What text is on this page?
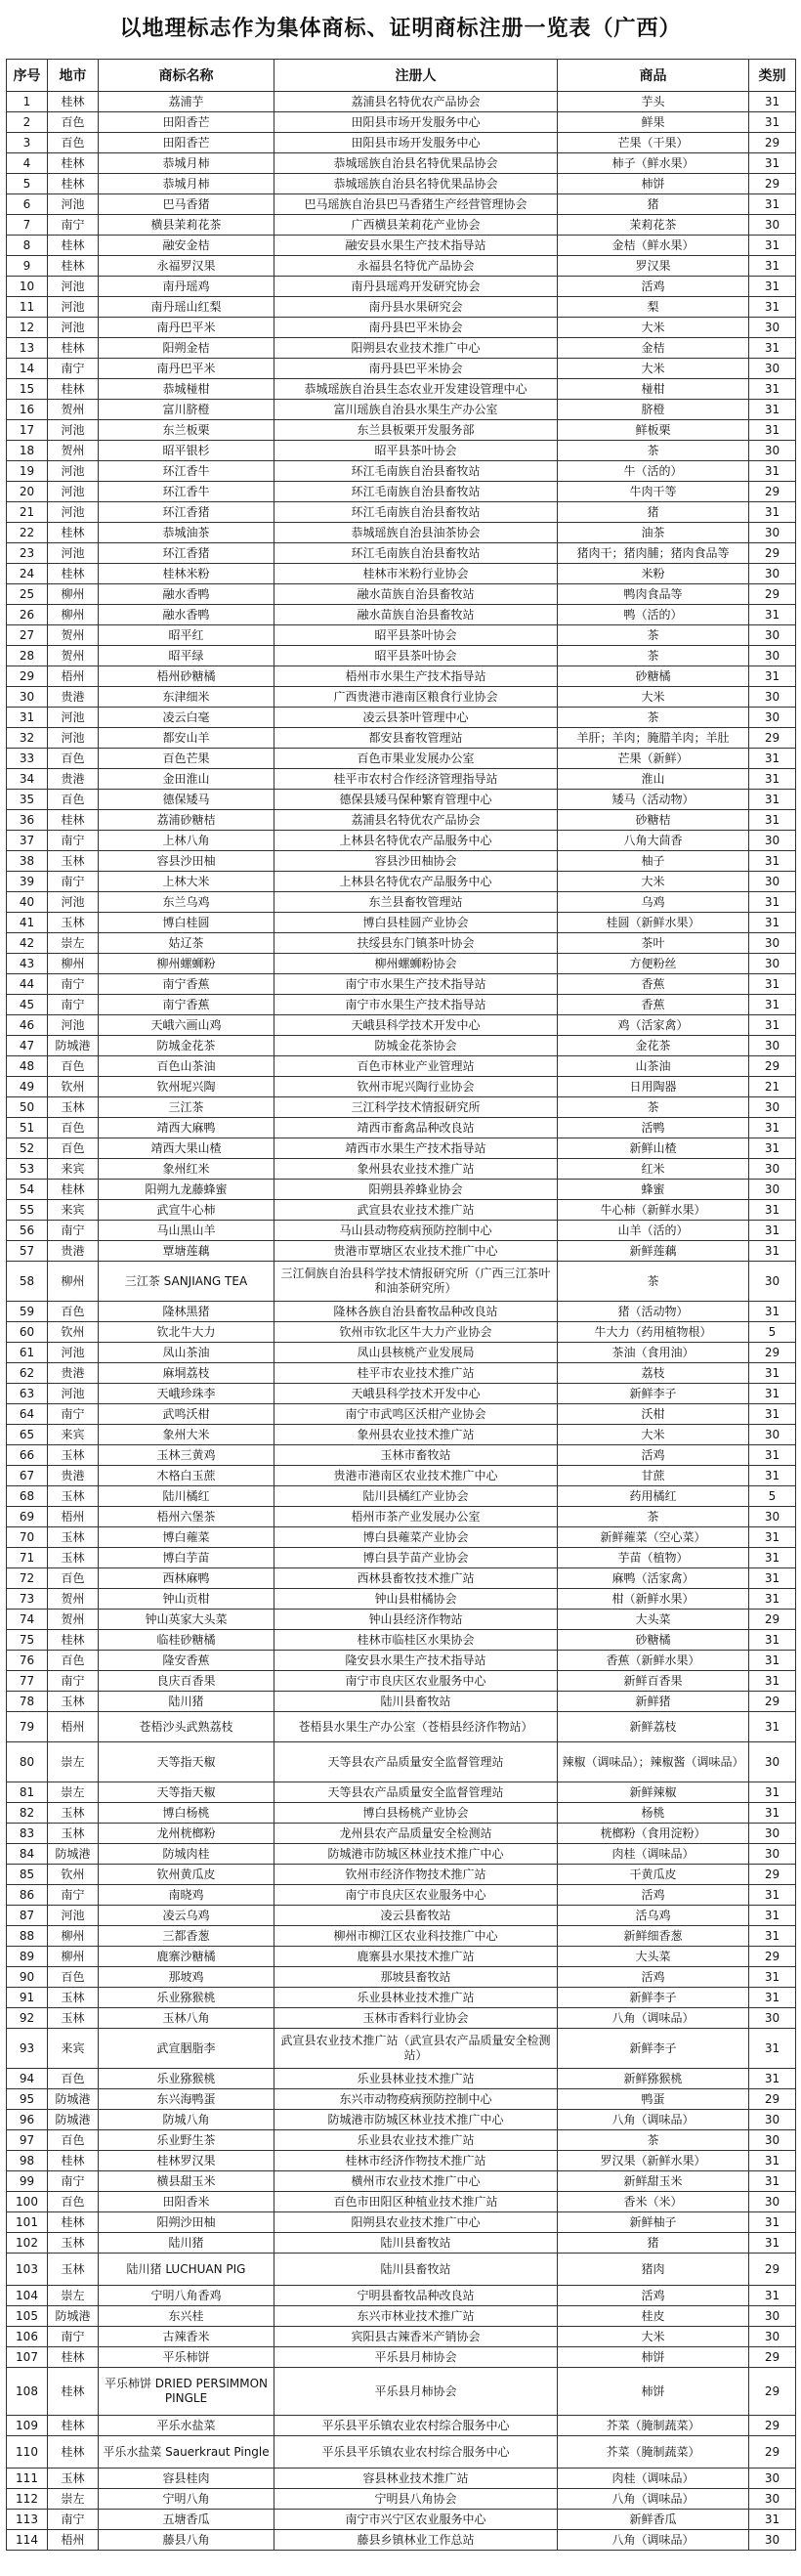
以地理标志作为集体商标、证明商标注册一览表（广西）
序号	地市	商标名称	注册人	商品	类别
1	桂林	荔浦芋	荔浦县名特优农产品协会	芋头	31
2	百色	田阳香芒	田阳县市场开发服务中心	鲜果	31
3	百色	田阳香芒	田阳县市场开发服务中心	芒果（干果）	29
4	桂林	恭城月柿	恭城瑶族自治县名特优果品协会	柿子（鲜水果）	31
5	桂林	恭城月柿	恭城瑶族自治县名特优果品协会	柿饼	29
6	河池	巴马香猪	巴马瑶族自治县巴马香猪生产经营管理协会	猪	31
7	南宁	横县茉莉花茶	广西横县茉莉花产业协会	茉莉花茶	30
8	桂林	融安金桔	融安县水果生产技术指导站	金桔（鲜水果）	31
9	桂林	永福罗汉果	永福县名特优产品协会	罗汉果	31
10	河池	南丹瑶鸡	南丹县瑶鸡开发研究协会	活鸡	31
11	河池	南丹瑶山红梨	南丹县水果研究会	梨	31
12	河池	南丹巴平米	南丹县巴平米协会	大米	30
13	桂林	阳朔金桔	阳朔县农业技术推广中心	金桔	31
14	南宁	南丹巴平米	南丹县巴平米协会	大米	30
15	桂林	恭城椪柑	恭城瑶族自治县生态农业开发建设管理中心	椪柑	31
16	贺州	富川脐橙	富川瑶族自治县水果生产办公室	脐橙	31
17	河池	东兰板栗	东兰县板栗开发服务部	鲜板栗	31
18	贺州	昭平银杉	昭平县茶叶协会	茶	30
19	河池	环江香牛	环江毛南族自治县畜牧站	牛（活的）	31
20	河池	环江香牛	环江毛南族自治县畜牧站	牛肉干等	29
21	河池	环江香猪	环江毛南族自治县畜牧站	猪	31
22	桂林	恭城油茶	恭城瑶族自治县油茶协会	油茶	30
23	河池	环江香猪	环江毛南族自治县畜牧站	猪肉干；猪肉脯；猪肉食品等	29
24	桂林	桂林米粉	桂林市米粉行业协会	米粉	30
25	柳州	融水香鸭	融水苗族自治县畜牧站	鸭肉食品等	29
26	柳州	融水香鸭	融水苗族自治县畜牧站	鸭（活的）	31
27	贺州	昭平红	昭平县茶叶协会	茶	30
28	贺州	昭平绿	昭平县茶叶协会	茶	30
29	梧州	梧州砂糖橘	梧州市水果生产技术指导站	砂糖橘	31
30	贵港	东津细米	广西贵港市港南区粮食行业协会	大米	30
31	河池	凌云白毫	凌云县茶叶管理中心	茶	30
32	河池	都安山羊	都安县畜牧管理站	羊肝；羊肉；腌腊羊肉；羊肚	29
33	百色	百色芒果	百色市果业发展办公室	芒果（新鲜）	31
34	贵港	金田淮山	桂平市农村合作经济管理指导站	淮山	31
35	百色	德保矮马	德保县矮马保种繁育管理中心	矮马（活动物）	31
36	桂林	荔浦砂糖桔	荔浦县名特优农产品协会	砂糖桔	31
37	南宁	上林八角	上林县名特优农产品服务中心	八角大茴香	30
38	玉林	容县沙田柚	容县沙田柚协会	柚子	31
39	南宁	上林大米	上林县名特优农产品服务中心	大米	30
40	河池	东兰乌鸡	东兰县畜牧管理站	乌鸡	31
41	玉林	博白桂圆	博白县桂圆产业协会	桂圆（新鲜水果）	31
42	崇左	姑辽茶	扶绥县东门镇茶叶协会	茶叶	30
43	柳州	柳州螺蛳粉	柳州螺蛳粉协会	方便粉丝	30
44	南宁	南宁香蕉	南宁市水果生产技术指导站	香蕉	31
45	南宁	南宁香蕉	南宁市水果生产技术指导站	香蕉	31
46	河池	天峨六画山鸡	天峨县科学技术开发中心	鸡（活家禽）	31
47	防城港	防城金花茶	防城金花茶协会	金花茶	30
48	百色	百色山茶油	百色市林业产业管理站	山茶油	29
49	钦州	钦州坭兴陶	钦州市坭兴陶行业协会	日用陶器	21
50	玉林	三江茶	三江科学技术情报研究所	茶	30
51	百色	靖西大麻鸭	靖西市畜禽品种改良站	活鸭	31
52	百色	靖西大果山楂	靖西市水果生产技术指导站	新鲜山楂	31
53	来宾	象州红米	象州县农业技术推广站	红米	30
54	桂林	阳朔九龙藤蜂蜜	阳朔县养蜂业协会	蜂蜜	30
55	来宾	武宣牛心柿	武宣县农业技术推广站	牛心柿（新鲜水果）	31
56	南宁	马山黑山羊	马山县动物疫病预防控制中心	山羊（活的）	31
57	贵港	覃塘莲藕	贵港市覃塘区农业技术推广中心	新鲜莲藕	31
58	柳州	三江茶 SANJIANG TEA	三江侗族自治县科学技术情报研究所（广西三江茶叶和油茶研究所）	茶	30
59	百色	隆林黑猪	隆林各族自治县畜牧品种改良站	猪（活动物）	31
60	钦州	钦北牛大力	钦州市钦北区牛大力产业协会	牛大力（药用植物根）	5
61	河池	凤山茶油	凤山县核桃产业发展局	茶油（食用油）	29
62	贵港	麻垌荔枝	桂平市农业技术推广站	荔枝	31
63	河池	天峨珍珠李	天峨县科学技术开发中心	新鲜李子	31
64	南宁	武鸣沃柑	南宁市武鸣区沃柑产业协会	沃柑	31
65	来宾	象州大米	象州县农业技术推广站	大米	30
66	玉林	玉林三黄鸡	玉林市畜牧站	活鸡	31
67	贵港	木格白玉蔗	贵港市港南区农业技术推广中心	甘蔗	31
68	玉林	陆川橘红	陆川县橘红产业协会	药用橘红	5
69	梧州	梧州六堡茶	梧州市茶产业发展办公室	茶	30
70	玉林	博白蕹菜	博白县蕹菜产业协会	新鲜蕹菜（空心菜）	31
71	玉林	博白芋苗	博白县芋苗产业协会	芋苗（植物）	31
72	百色	西林麻鸭	西林县畜牧技术推广站	麻鸭（活家禽）	31
73	贺州	钟山贡柑	钟山县柑橘协会	柑（新鲜水果）	31
74	贺州	钟山英家大头菜	钟山县经济作物站	大头菜	29
75	桂林	临桂砂糖橘	桂林市临桂区水果协会	砂糖橘	31
76	百色	隆安香蕉	隆安县水果生产技术指导站	香蕉（新鲜水果）	31
77	南宁	良庆百香果	南宁市良庆区农业服务中心	新鲜百香果	31
78	玉林	陆川猪	陆川县畜牧站	新鲜猪	29
79	梧州	苍梧沙头武熟荔枝	苍梧县水果生产办公室（苍梧县经济作物站）	新鲜荔枝	31
80	崇左	天等指天椒	天等县农产品质量安全监督管理站	辣椒（调味品）；辣椒酱（调味品）	30
81	崇左	天等指天椒	天等县农产品质量安全监督管理站	新鲜辣椒	31
82	玉林	博白杨桃	博白县杨桃产业协会	杨桃	31
83	玉林	龙州桄榔粉	龙州县农产品质量安全检测站	桄榔粉（食用淀粉）	30
84	防城港	防城肉桂	防城港市防城区林业技术推广中心	肉桂（调味品）	30
85	钦州	钦州黄瓜皮	钦州市经济作物技术推广站	干黄瓜皮	29
86	南宁	南晓鸡	南宁市良庆区农业服务中心	活鸡	31
87	河池	凌云乌鸡	凌云县畜牧站	活乌鸡	31
88	柳州	三都香葱	柳州市柳江区农业科技推广中心	新鲜细香葱	31
89	柳州	鹿寨沙糖橘	鹿寨县水果技术推广站	大头菜	29
90	百色	那坡鸡	那坡县畜牧站	活鸡	31
91	玉林	乐业猕猴桃	乐业县林业技术推广站	新鲜李子	31
92	玉林	玉林八角	玉林市香料行业协会	八角（调味品）	30
93	来宾	武宣胭脂李	武宣县农业技术推广站（武宣县农产品质量安全检测站）	新鲜李子	31
94	百色	乐业猕猴桃	乐业县林业技术推广站	新鲜猕猴桃	31
95	防城港	东兴海鸭蛋	东兴市动物疫病预防控制中心	鸭蛋	29
96	防城港	防城八角	防城港市防城区林业技术推广中心	八角（调味品）	30
97	百色	乐业野生茶	乐业县农业技术推广站	茶	30
98	桂林	桂林罗汉果	桂林市经济作物技术推广站	罗汉果（新鲜水果）	31
99	南宁	横县甜玉米	横州市农业技术推广中心	新鲜甜玉米	31
100	百色	田阳香米	百色市田阳区种植业技术推广站	香米（米）	30
101	桂林	阳朔沙田柚	阳朔县农业技术推广中心	新鲜柚子	31
102	玉林	陆川猪	陆川县畜牧站	猪	31
103	玉林	陆川猪 LUCHUAN PIG	陆川县畜牧站	猪肉	29
104	崇左	宁明八角香鸡	宁明县畜牧品种改良站	活鸡	31
105	防城港	东兴桂	东兴市林业技术推广站	桂皮	30
106	南宁	古辣香米	宾阳县古辣香米产销协会	大米	30
107	桂林	平乐柿饼	平乐县月柿协会	柿饼	29
108	桂林	平乐柿饼 DRIED PERSIMMON PINGLE	平乐县月柿协会	柿饼	29
109	桂林	平乐水盐菜	平乐县平乐镇农业农村综合服务中心	芥菜（腌制蔬菜）	29
110	桂林	平乐水盐菜 Sauerkraut Pingle	平乐县平乐镇农业农村综合服务中心	芥菜（腌制蔬菜）	29
111	玉林	容县桂肉	容县林业技术推广站	肉桂（调味品）	30
112	崇左	宁明八角	宁明县八角协会	八角（调味品）	30
113	南宁	五塘香瓜	南宁市兴宁区农业服务中心	新鲜香瓜	31
114	梧州	藤县八角	藤县乡镇林业工作总站	八角（调味品）	30
